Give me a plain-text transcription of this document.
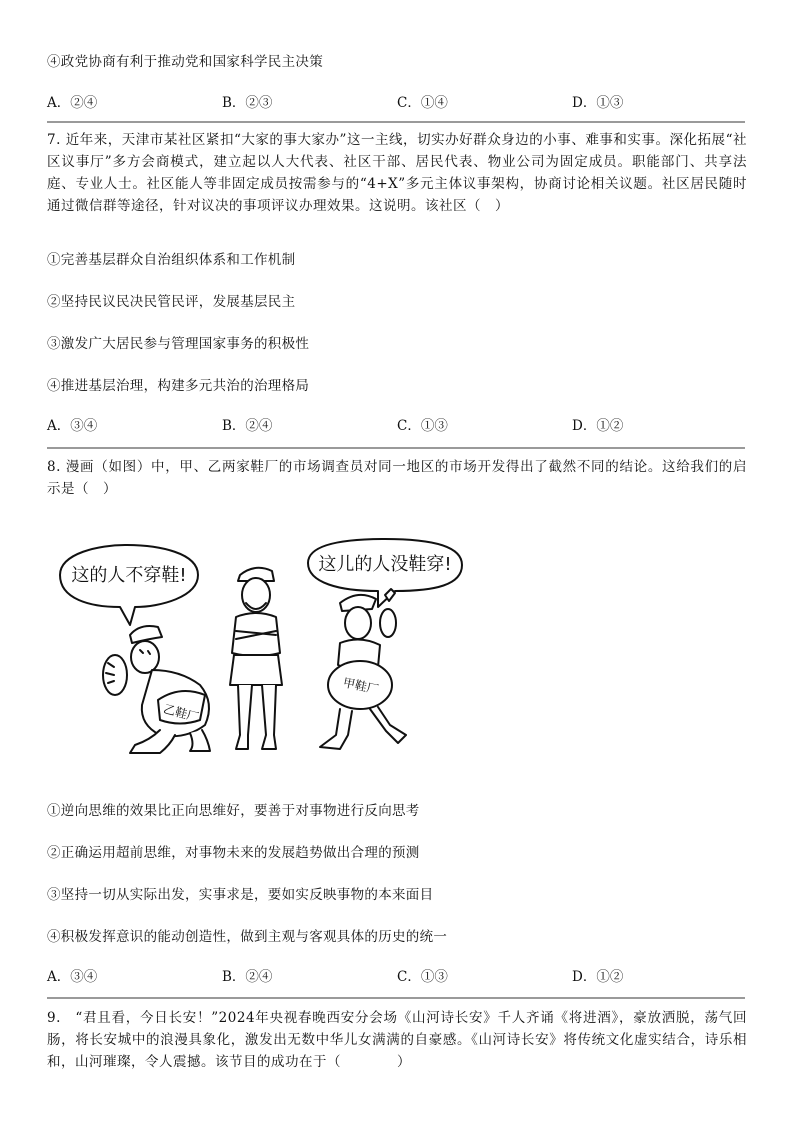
④政党协商有利于推动党和国家科学民主决策
A．②④	B．②③	C．①④	D．①③
7. 近年来，天津市某社区紧扣“大家的事大家办”这一主线，切实办好群众身边的小事、难事和实事。深化拓展“社区议事厅”多方会商模式，建立起以人大代表、社区干部、居民代表、物业公司为固定成员。职能部门、共享法庭、专业人士。社区能人等非固定成员按需参与的“4+X”多元主体议事架构，协商讨论相关议题。社区居民随时通过微信群等途径，针对议决的事项评议办理效果。这说明。该社区（　）
①完善基层群众自治组织体系和工作机制
②坚持民议民决民管民评，发展基层民主
③激发广大居民参与管理国家事务的积极性
④推进基层治理，构建多元共治的治理格局
A．③④	B．②④	C．①③	D．①②
8. 漫画（如图）中，甲、乙两家鞋厂的市场调查员对同一地区的市场开发得出了截然不同的结论。这给我们的启示是（　）
这的人不穿鞋!
这儿的人没鞋穿!
乙鞋厂
甲鞋厂
①逆向思维的效果比正向思维好，要善于对事物进行反向思考
②正确运用超前思维，对事物未来的发展趋势做出合理的预测
③坚持一切从实际出发，实事求是，要如实反映事物的本来面目
④积极发挥意识的能动创造性，做到主观与客观具体的历史的统一
A．③④	B．②④	C．①③	D．①②
9.　“君且看，今日长安！”2024年央视春晚西安分会场《山河诗长安》千人齐诵《将进酒》，豪放洒脱，荡气回肠，将长安城中的浪漫具象化，激发出无数中华儿女满满的自豪感。《山河诗长安》将传统文化虚实结合，诗乐相和，山河璀璨，令人震撼。该节目的成功在于（　　　　）
